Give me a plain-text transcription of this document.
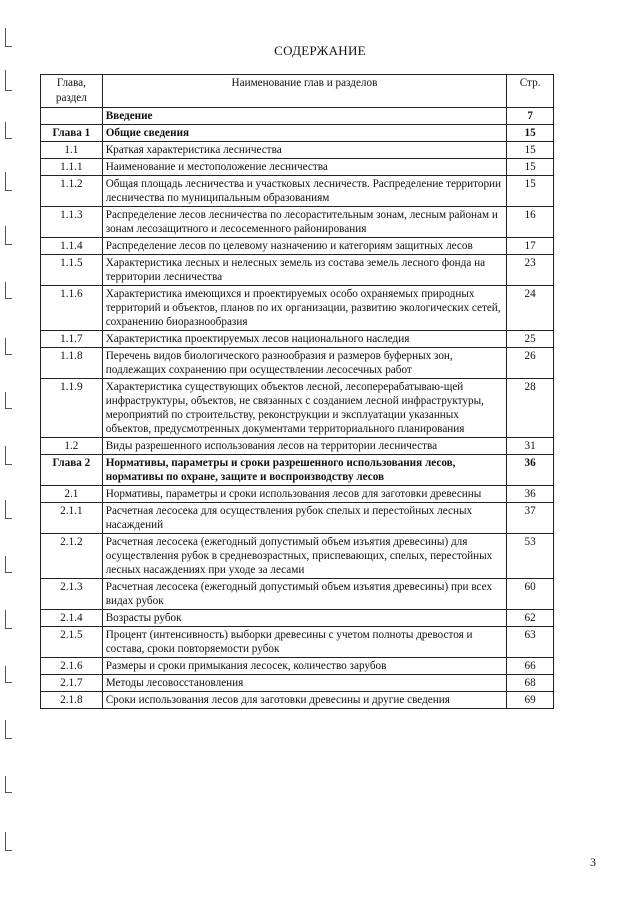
СОДЕРЖАНИЕ
Глава, раздел	Наименование глав и разделов	Стр.
	Введение	7
Глава 1	Общие сведения	15
1.1	Краткая характеристика лесничества	15
1.1.1	Наименование и местоположение лесничества	15
1.1.2	Общая площадь лесничества и участковых лесничеств. Распределение территории лесничества по муниципальным образованиям	15
1.1.3	Распределение лесов лесничества по лесорастительным зонам, лесным районам и зонам лесозащитного и лесосеменного районирования	16
1.1.4	Распределение лесов по целевому назначению и категориям защитных лесов	17
1.1.5	Характеристика лесных и нелесных земель из состава земель лесного фонда на территории лесничества	23
1.1.6	Характеристика имеющихся и проектируемых особо охраняемых природных территорий и объектов, планов по их организации, развитию экологических сетей, сохранению биоразнообразия	24
1.1.7	Характеристика проектируемых лесов национального наследия	25
1.1.8	Перечень видов биологического разнообразия и размеров буферных зон, подлежащих сохранению при осуществлении лесосечных работ	26
1.1.9	Характеристика существующих объектов лесной, лесоперерабатываю-щей инфраструктуры, объектов, не связанных с созданием лесной инфраструктуры, мероприятий по строительству, реконструкции и эксплуатации указанных объектов, предусмотренных документами территориального планирования	28
1.2	Виды разрешенного использования лесов на территории лесничества	31
Глава 2	Нормативы, параметры и сроки разрешенного использования лесов, нормативы по охране, защите и воспроизводству лесов	36
2.1	Нормативы, параметры и сроки использования лесов для заготовки древесины	36
2.1.1	Расчетная лесосека для осуществления рубок спелых и перестойных лесных насаждений	37
2.1.2	Расчетная лесосека (ежегодный допустимый объем изъятия древесины) для осуществления рубок в средневозрастных, приспевающих, спелых, перестойных лесных насаждениях при уходе за лесами	53
2.1.3	Расчетная лесосека (ежегодный допустимый объем изъятия древесины) при всех видах рубок	60
2.1.4	Возрасты рубок	62
2.1.5	Процент (интенсивность) выборки древесины с учетом полноты древостоя и состава, сроки повторяемости рубок	63
2.1.6	Размеры и сроки примыкания лесосек, количество зарубов	66
2.1.7	Методы лесовосстановления	68
2.1.8	Сроки использования лесов для заготовки древесины и другие сведения	69
3
